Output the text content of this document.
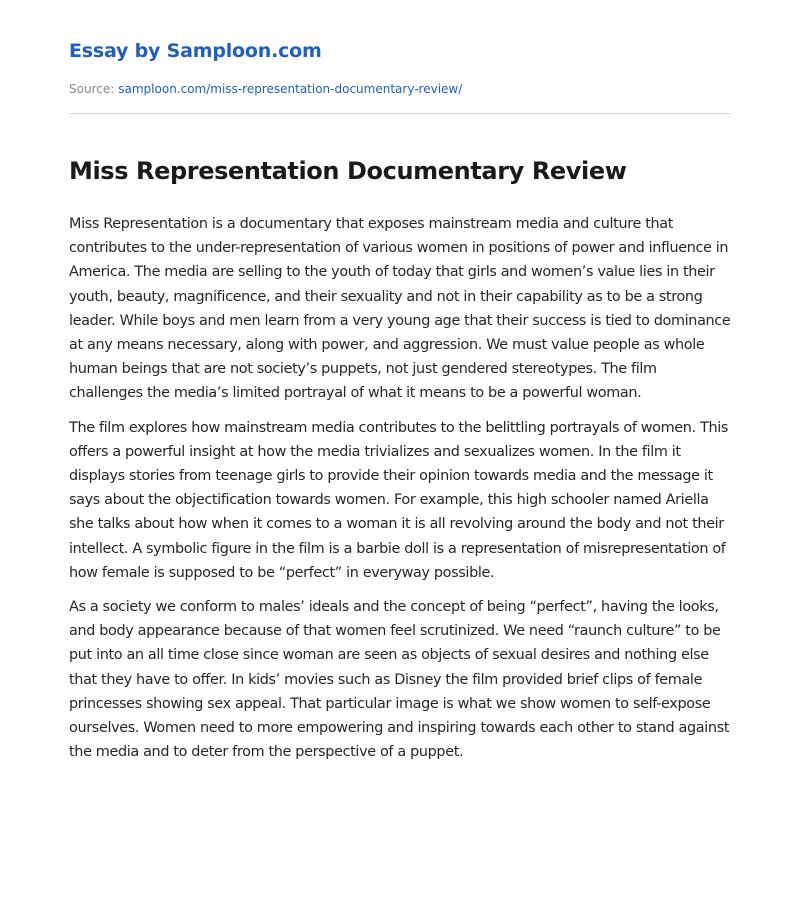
Essay by Samploon.com
Source: samploon.com/miss-representation-documentary-review/
Miss Representation Documentary Review

Miss Representation is a documentary that exposes mainstream media and culture that contributes to the under-representation of various women in positions of power and influence in America. The media are selling to the youth of today that girls and women’s value lies in their youth, beauty, magnificence, and their sexuality and not in their capability as to be a strong leader. While boys and men learn from a very young age that their success is tied to dominance at any means necessary, along with power, and aggression. We must value people as whole human beings that are not society’s puppets, not just gendered stereotypes. The film challenges the media’s limited portrayal of what it means to be a powerful woman.

The film explores how mainstream media contributes to the belittling portrayals of women. This offers a powerful insight at how the media trivializes and sexualizes women. In the film it displays stories from teenage girls to provide their opinion towards media and the message it says about the objectification towards women. For example, this high schooler named Ariella she talks about how when it comes to a woman it is all revolving around the body and not their intellect. A symbolic figure in the film is a barbie doll is a representation of misrepresentation of how female is supposed to be “perfect” in everyway possible.

As a society we conform to males’ ideals and the concept of being “perfect”, having the looks, and body appearance because of that women feel scrutinized. We need “raunch culture” to be put into an all time close since woman are seen as objects of sexual desires and nothing else that they have to offer. In kids’ movies such as Disney the film provided brief clips of female princesses showing sex appeal. That particular image is what we show women to self-expose ourselves. Women need to more empowering and inspiring towards each other to stand against the media and to deter from the perspective of a puppet.
